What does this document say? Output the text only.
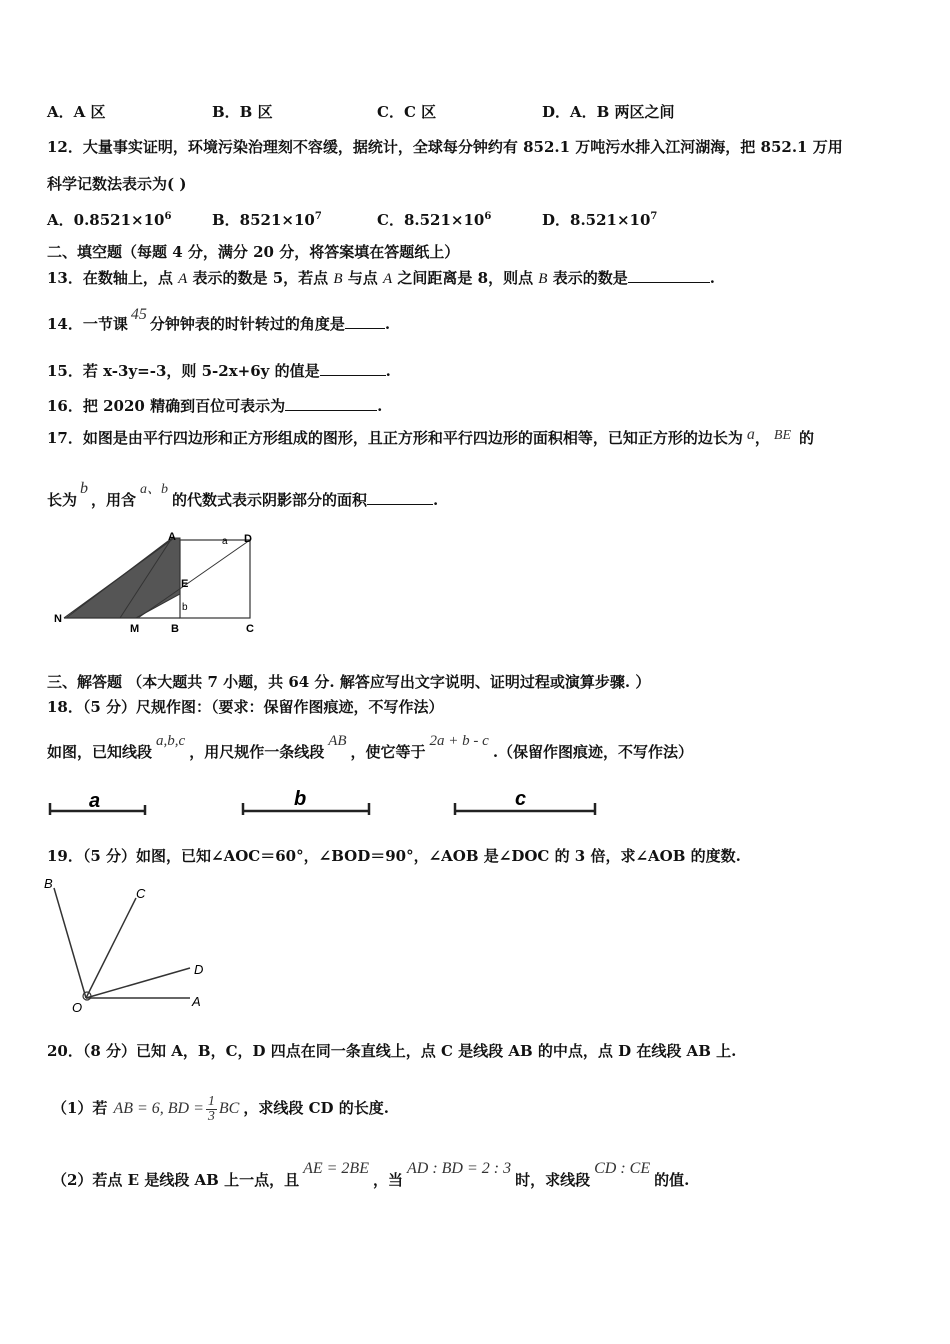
A．A 区	B．B 区	C．C 区	D．A．B 两区之间
12．大量事实证明，环境污染治理刻不容缓，据统计，全球每分钟约有 852.1 万吨污水排入江河湖海，把 852.1 万用
科学记数法表示为( )
A．$0.8521\times 10^6$	B．$8521\times 10^7$	C．$8.521\times 10^6$	D．$8.521\times 10^7$
二、填空题（每题 4 分，满分 20 分，将答案填在答题纸上）
13．在数轴上，点 A 表示的数是 5，若点 B 与点 A 之间距离是 8，则点 B 表示的数是	.
14．一节课45分钟钟表的时针转过的角度是	.
15．若 x-3y=-3，则 5-2x+6y 的值是	.
16．把 2020 精确到百位可表示为	.
17．如图是由平行四边形和正方形组成的图形，且正方形和平行四边形的面积相等，已知正方形的边长为 a， BE 的
长为b，用含a、b的代数式表示阴影部分的面积	.
A	a D
E
b
N
M	B	C
三、解答题 （本大题共 7 小题，共 64 分. 解答应写出文字说明、证明过程或演算步骤. ）
18．（5 分）尺规作图：（要求：保留作图痕迹，不写作法）
如图，已知线段a,b,c，用尺规作一条线段AB，使它等于2a + b - c.（保留作图痕迹，不写作法）
a	b	c
19．（5 分）如图，已知∠AOC＝60°，∠BOD＝90°，∠AOB 是∠DOC 的 3 倍，求∠AOB 的度数.
B
C
D
O	A
20．（8 分）已知 A，B，C，D 四点在同一条直线上，点 C 是线段 AB 的中点，点 D 在线段 AB 上.
（1）若 AB = 6, BD = $\frac{1}{3}$ BC ，求线段 CD 的长度.
（2）若点 E 是线段 AB 上一点，且AE = 2BE，当AD : BD = 2 : 3时，求线段CD : CE的值.
